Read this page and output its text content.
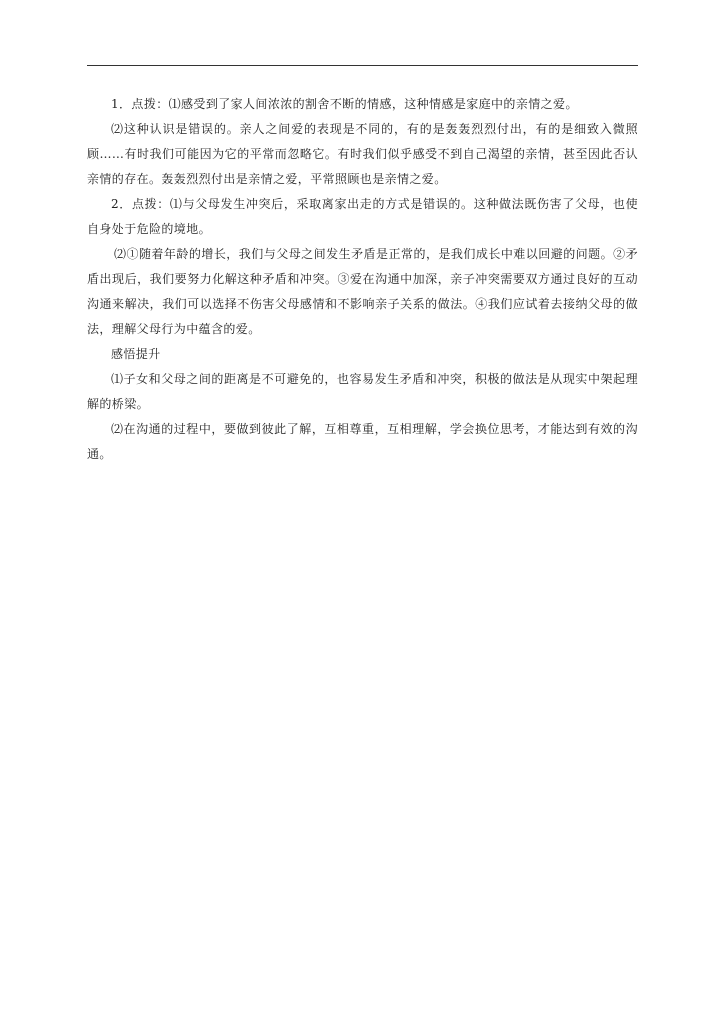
1．点拨：⑴感受到了家人间浓浓的割舍不断的情感，这种情感是家庭中的亲情之爱。

⑵这种认识是错误的。亲人之间爱的表现是不同的，有的是轰轰烈烈付出，有的是细致入微照顾……有时我们可能因为它的平常而忽略它。有时我们似乎感受不到自己渴望的亲情，甚至因此否认亲情的存在。轰轰烈烈付出是亲情之爱，平常照顾也是亲情之爱。

2．点拨：⑴与父母发生冲突后，采取离家出走的方式是错误的。这种做法既伤害了父母，也使自身处于危险的境地。

⑵①随着年龄的增长，我们与父母之间发生矛盾是正常的，是我们成长中难以回避的问题。②矛盾出现后，我们要努力化解这种矛盾和冲突。③爱在沟通中加深，亲子冲突需要双方通过良好的互动沟通来解决，我们可以选择不伤害父母感情和不影响亲子关系的做法。④我们应试着去接纳父母的做法，理解父母行为中蕴含的爱。

感悟提升

⑴子女和父母之间的距离是不可避免的，也容易发生矛盾和冲突，积极的做法是从现实中架起理解的桥梁。

⑵在沟通的过程中，要做到彼此了解，互相尊重，互相理解，学会换位思考，才能达到有效的沟通。
